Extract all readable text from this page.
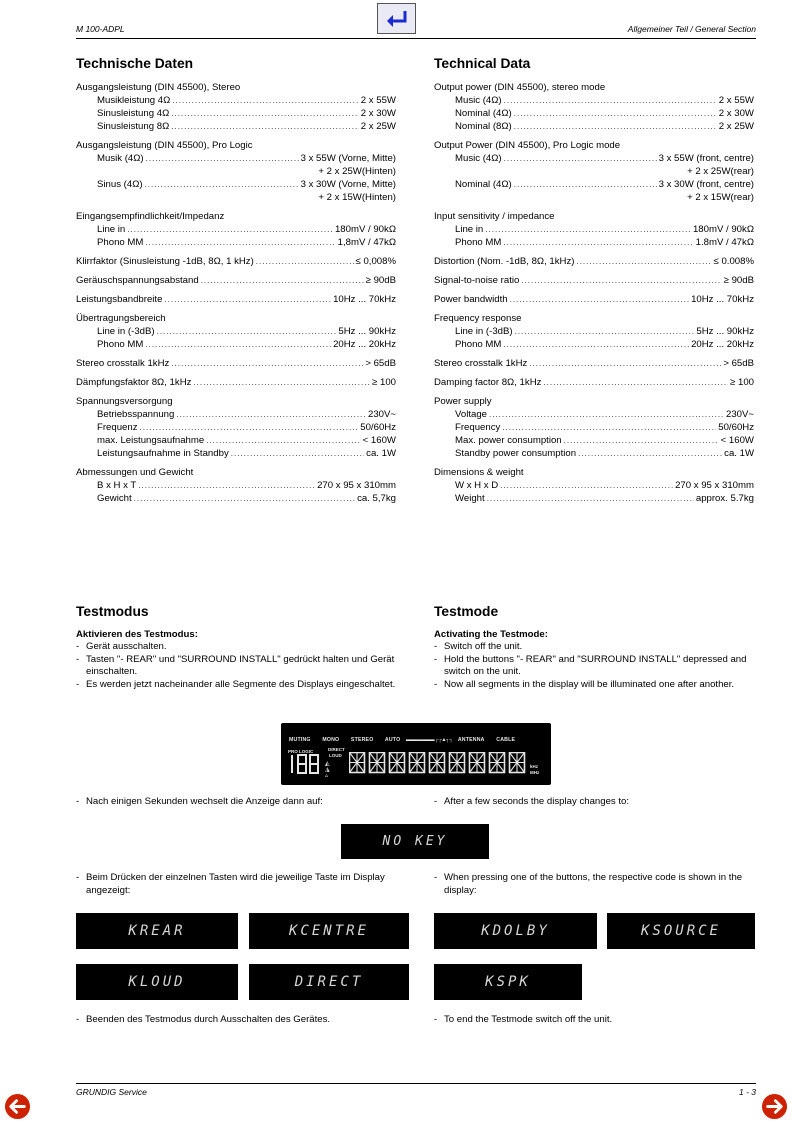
M 100-ADPL	Allgemeiner Teil / General Section
Technische Daten	Technical Data
Ausgangsleistung (DIN 45500), Stereo
Musikleistung 4Ω .....	2 x 55W
Sinusleistung 4Ω .....	2 x 30W
Sinusleistung 8Ω .....	2 x 25W
Ausgangsleistung (DIN 45500), Pro Logic
Musik (4Ω) .....	3 x 55W (Vorne, Mitte)
+ 2 x 25W(Hinten)
Sinus (4Ω) .....	3 x 30W (Vorne, Mitte)
+ 2 x 15W(Hinten)
Eingangsempfindlichkeit/Impedanz
Line in .....	180mV / 90kΩ
Phono MM .....	1,8mV / 47kΩ
Klirrfaktor (Sinusleistung -1dB, 8Ω, 1 kHz) .....	≤ 0,008%
Geräuschspannungsabstand .....	≥ 90dB
Leistungsbandbreite .....	10Hz ... 70kHz
Übertragungsbereich
Line in (-3dB) .....	5Hz ... 90kHz
Phono MM .....	20Hz ... 20kHz
Stereo crosstalk 1kHz .....	> 65dB
Dämpfungsfaktor 8Ω, 1kHz .....	≥ 100
Spannungsversorgung
Betriebsspannung .....	230V~
Frequenz .....	50/60Hz
max. Leistungsaufnahme .....	< 160W
Leistungsaufnahme in Standby .....	ca. 1W
Abmessungen und Gewicht
B x H x T .....	270 x 95 x 310mm
Gewicht .....	ca. 5,7kg
Output power (DIN 45500), stereo mode
Music (4Ω) .....	2 x 55W
Nominal (4Ω) .....	2 x 30W
Nominal (8Ω) .....	2 x 25W
Output Power (DIN 45500), Pro Logic mode
Music (4Ω) .....	3 x 55W (front, centre)
+ 2 x 25W(rear)
Nominal (4Ω) .....	3 x 30W (front, centre)
+ 2 x 15W(rear)
Input sensitivity / impedance
Line in .....	180mV / 90kΩ
Phono MM .....	1.8mV / 47kΩ
Distortion (Nom. -1dB, 8Ω, 1kHz) .....	≤ 0.008%
Signal-to-noise ratio .....	≥ 90dB
Power bandwidth .....	10Hz ... 70kHz
Frequency response
Line in (-3dB) .....	5Hz ... 90kHz
Phono MM .....	20Hz ... 20kHz
Stereo crosstalk 1kHz .....	> 65dB
Damping factor 8Ω, 1kHz .....	≥ 100
Power supply
Voltage .....	230V~
Frequency .....	50/60Hz
Max. power consumption .....	< 160W
Standby power consumption .....	ca. 1W
Dimensions & weight
W x H x D .....	270 x 95 x 310mm
Weight .....	approx. 5.7kg
Testmodus	Testmode
Aktivieren des Testmodus:
- Gerät ausschalten.
- Tasten "- REAR" und "SURROUND INSTALL" gedrückt halten und Gerät einschalten.
- Es werden jetzt nacheinander alle Segmente des Displays eingeschaltet.
Activating the Testmode:
- Switch off the unit.
- Hold the buttons "- REAR" and "SURROUND INSTALL" depressed and switch on the unit.
- Now all segments in the display will be illuminated one after another.
MUTING MONO STEREO AUTO ▬▬▬▬▬▬ ┌┌▲┐┐ ANTENNA CABLE
PRO LOGIC	DIRECT
LOUD
◭
◮
▵
kHz
MHz
- Nach einigen Sekunden wechselt die Anzeige dann auf:	- After a few seconds the display changes to:
NO KEY
- Beim Drücken der einzelnen Tasten wird die jeweilige Taste im Display angezeigt:
- When pressing one of the buttons, the respective code is shown in the display:
KREAR	KCENTRE	KDOLBY	KSOURCE
KLOUD	DIRECT	KSPK
- Beenden des Testmodus durch Ausschalten des Gerätes.	- To end the Testmode switch off the unit.
GRUNDIG Service	1 - 3
